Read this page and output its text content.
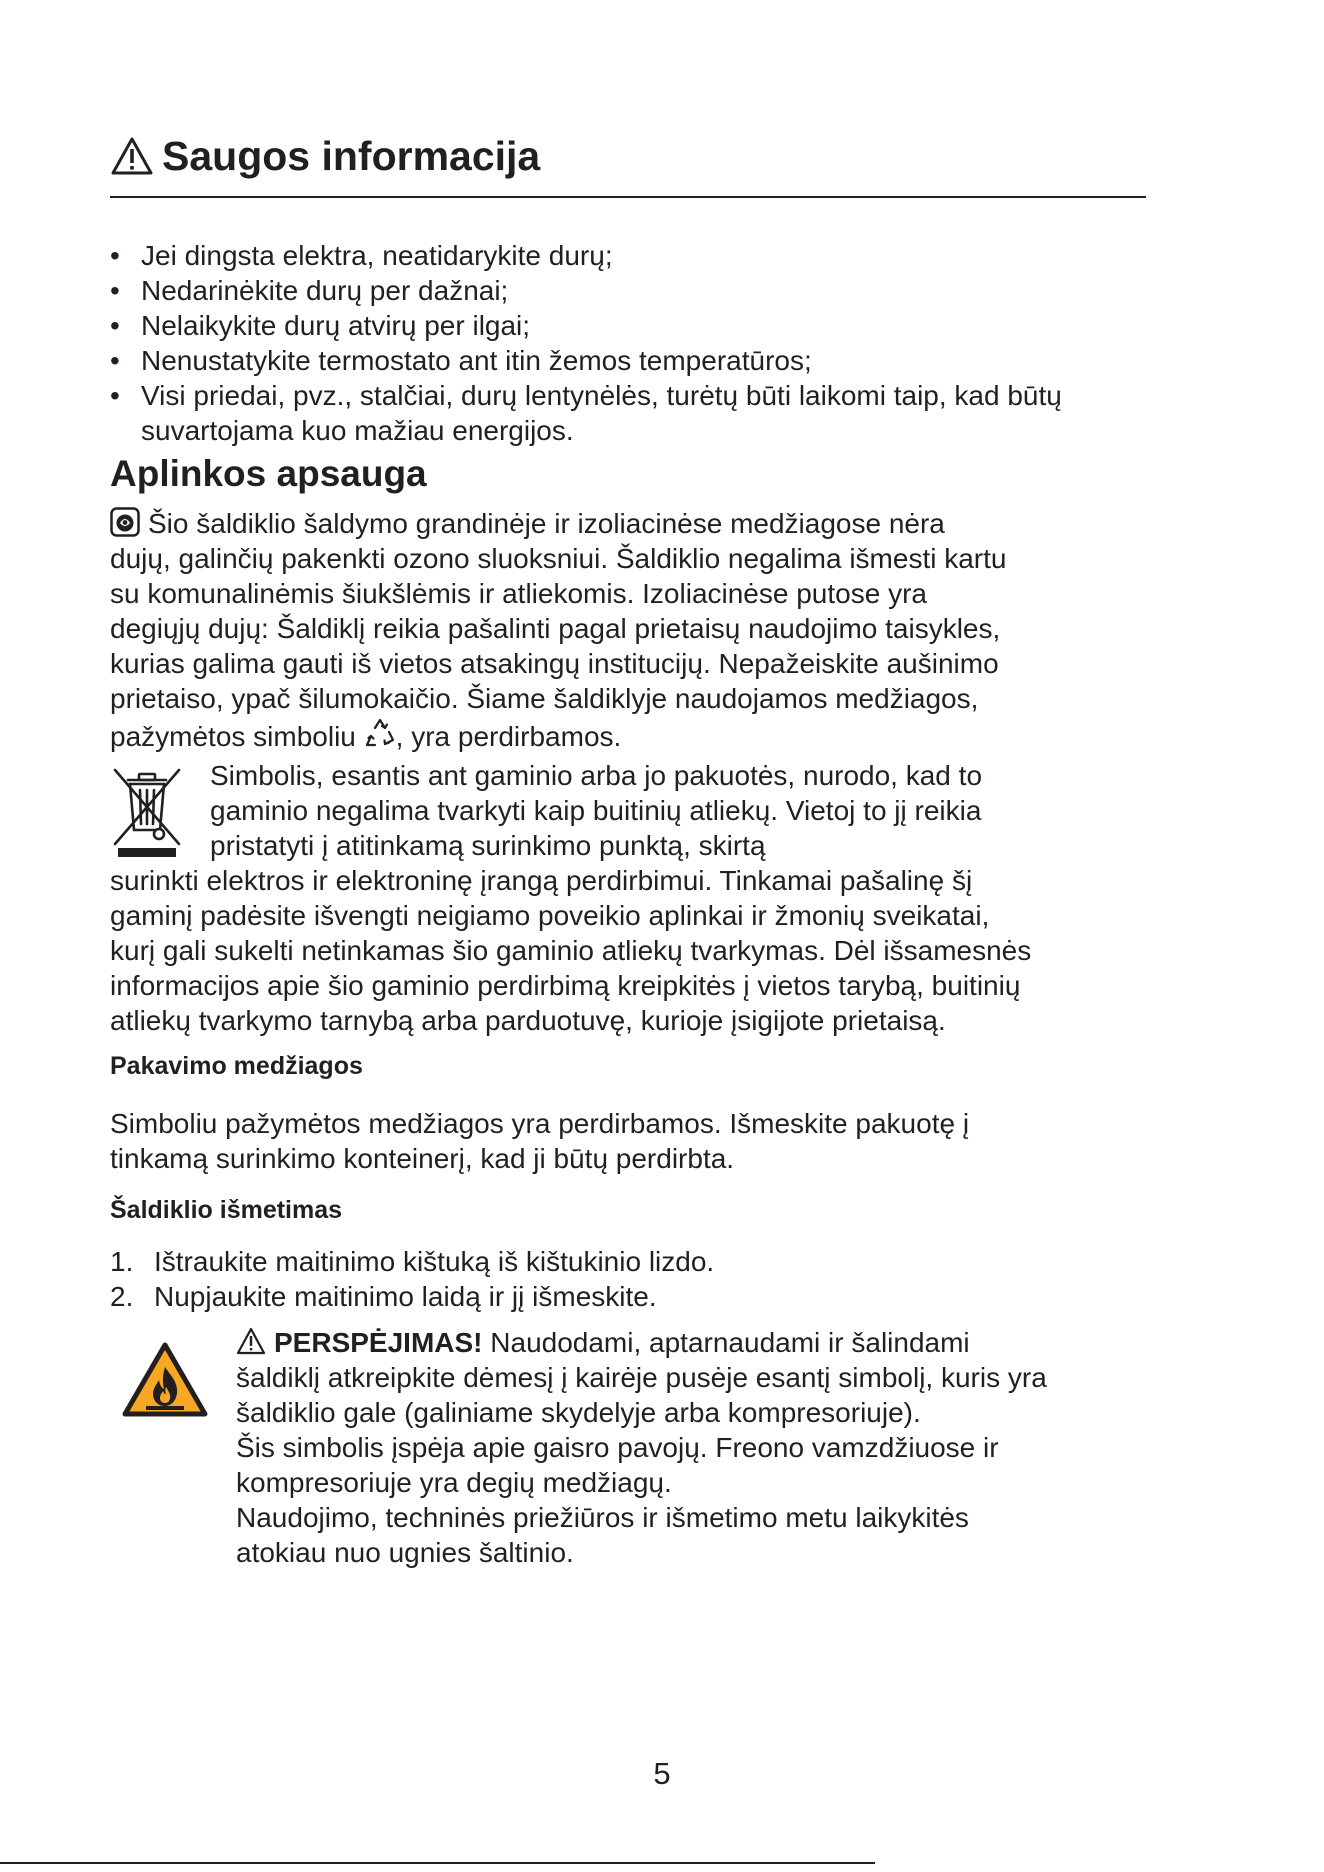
Saugos informacija
• Jei dingsta elektra, neatidarykite durų;
• Nedarinėkite durų per dažnai;
• Nelaikykite durų atvirų per ilgai;
• Nenustatykite termostato ant itin žemos temperatūros;
• Visi priedai, pvz., stalčiai, durų lentynėlės, turėtų būti laikomi taip, kad būtų suvartojama kuo mažiau energijos.
Aplinkos apsauga
Šio šaldiklio šaldymo grandinėje ir izoliacinėse medžiagose nėra
dujų, galinčių pakenkti ozono sluoksniui. Šaldiklio negalima išmesti kartu
su komunalinėmis šiukšlėmis ir atliekomis. Izoliacinėse putose yra
degiųjų dujų: Šaldiklį reikia pašalinti pagal prietaisų naudojimo taisykles,
kurias galima gauti iš vietos atsakingų institucijų. Nepažeiskite aušinimo
prietaiso, ypač šilumokaičio. Šiame šaldiklyje naudojamos medžiagos,
pažymėtos simboliu , yra perdirbamos.
Simbolis, esantis ant gaminio arba jo pakuotės, nurodo, kad to
gaminio negalima tvarkyti kaip buitinių atliekų. Vietoj to jį reikia
pristatyti į atitinkamą surinkimo punktą, skirtą
surinkti elektros ir elektroninę įrangą perdirbimui. Tinkamai pašalinę šį
gaminį padėsite išvengti neigiamo poveikio aplinkai ir žmonių sveikatai,
kurį gali sukelti netinkamas šio gaminio atliekų tvarkymas. Dėl išsamesnės
informacijos apie šio gaminio perdirbimą kreipkitės į vietos tarybą, buitinių
atliekų tvarkymo tarnybą arba parduotuvę, kurioje įsigijote prietaisą.
Pakavimo medžiagos
Simboliu pažymėtos medžiagos yra perdirbamos. Išmeskite pakuotę į
tinkamą surinkimo konteinerį, kad ji būtų perdirbta.
Šaldiklio išmetimas
1. Ištraukite maitinimo kištuką iš kištukinio lizdo.
2. Nupjaukite maitinimo laidą ir jį išmeskite.
PERSPĖJIMAS! Naudodami, aptarnaudami ir šalindami
šaldiklį atkreipkite dėmesį į kairėje pusėje esantį simbolį, kuris yra
šaldiklio gale (galiniame skydelyje arba kompresoriuje).
Šis simbolis įspėja apie gaisro pavojų. Freono vamzdžiuose ir
kompresoriuje yra degių medžiagų.
Naudojimo, techninės priežiūros ir išmetimo metu laikykitės
atokiau nuo ugnies šaltinio.
5
